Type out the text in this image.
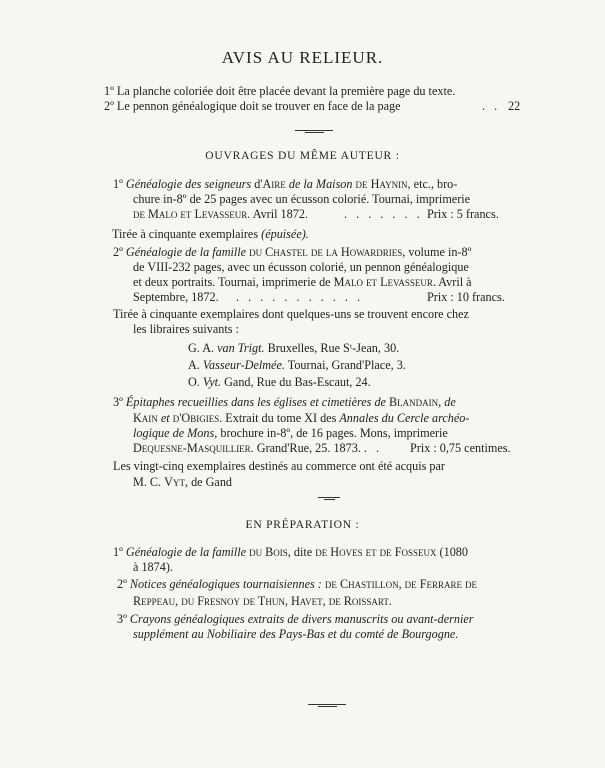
AVIS AU RELIEUR.
1º La planche coloriée doit être placée devant la première page du texte.
2º Le pennon généalogique doit se trouver en face de la page	. . 22
OUVRAGES DU MÊME AUTEUR :
1º Généalogie des seigneurs d'Aire de la Maison de Haynin, etc., bro-
chure in-8º de 25 pages avec un écusson colorié. Tournai, imprimerie
de Malo et Levasseur. Avril 1872.	. . . . . . . Prix : 5 francs.
Tirée à cinquante exemplaires (épuisée).
2º Généalogie de la famille du Chastel de la Howardries, volume in-8º
de VIII-232 pages, avec un écusson colorié, un pennon généalogique
et deux portraits. Tournai, imprimerie de Malo et Levasseur. Avril à
Septembre, 1872. . . . . . . . . . . .	Prix : 10 francs.
Tirée à cinquante exemplaires dont quelques-uns se trouvent encore chez
les libraires suivants :
G. A. van Trigt. Bruxelles, Rue Sᵗ-Jean, 30.
A. Vasseur-Delmée. Tournai, Grand'Place, 3.
O. Vyt. Gand, Rue du Bas-Escaut, 24.
3º Épitaphes recueillies dans les églises et cimetières de Blandain, de
Kain et d'Obigies. Extrait du tome XI des Annales du Cercle archéo-
logique de Mons, brochure in-8º, de 16 pages. Mons, imprimerie
Dequesne-Masquillier. Grand'Rue, 25. 1873. . . Prix : 0,75 centimes.
Les vingt-cinq exemplaires destinés au commerce ont été acquis par
M. C. Vyt, de Gand
EN PRÉPARATION :
1º Généalogie de la famille du Bois, dite de Hoves et de Fosseux (1080
à 1874).
2º Notices généalogiques tournaisiennes : de Chastillon, de Ferrare de
Reppeau, du Fresnoy de Thun, Havet, de Roissart.
3º Crayons généalogiques extraits de divers manuscrits ou avant-dernier
supplément au Nobiliaire des Pays-Bas et du comté de Bourgogne.
